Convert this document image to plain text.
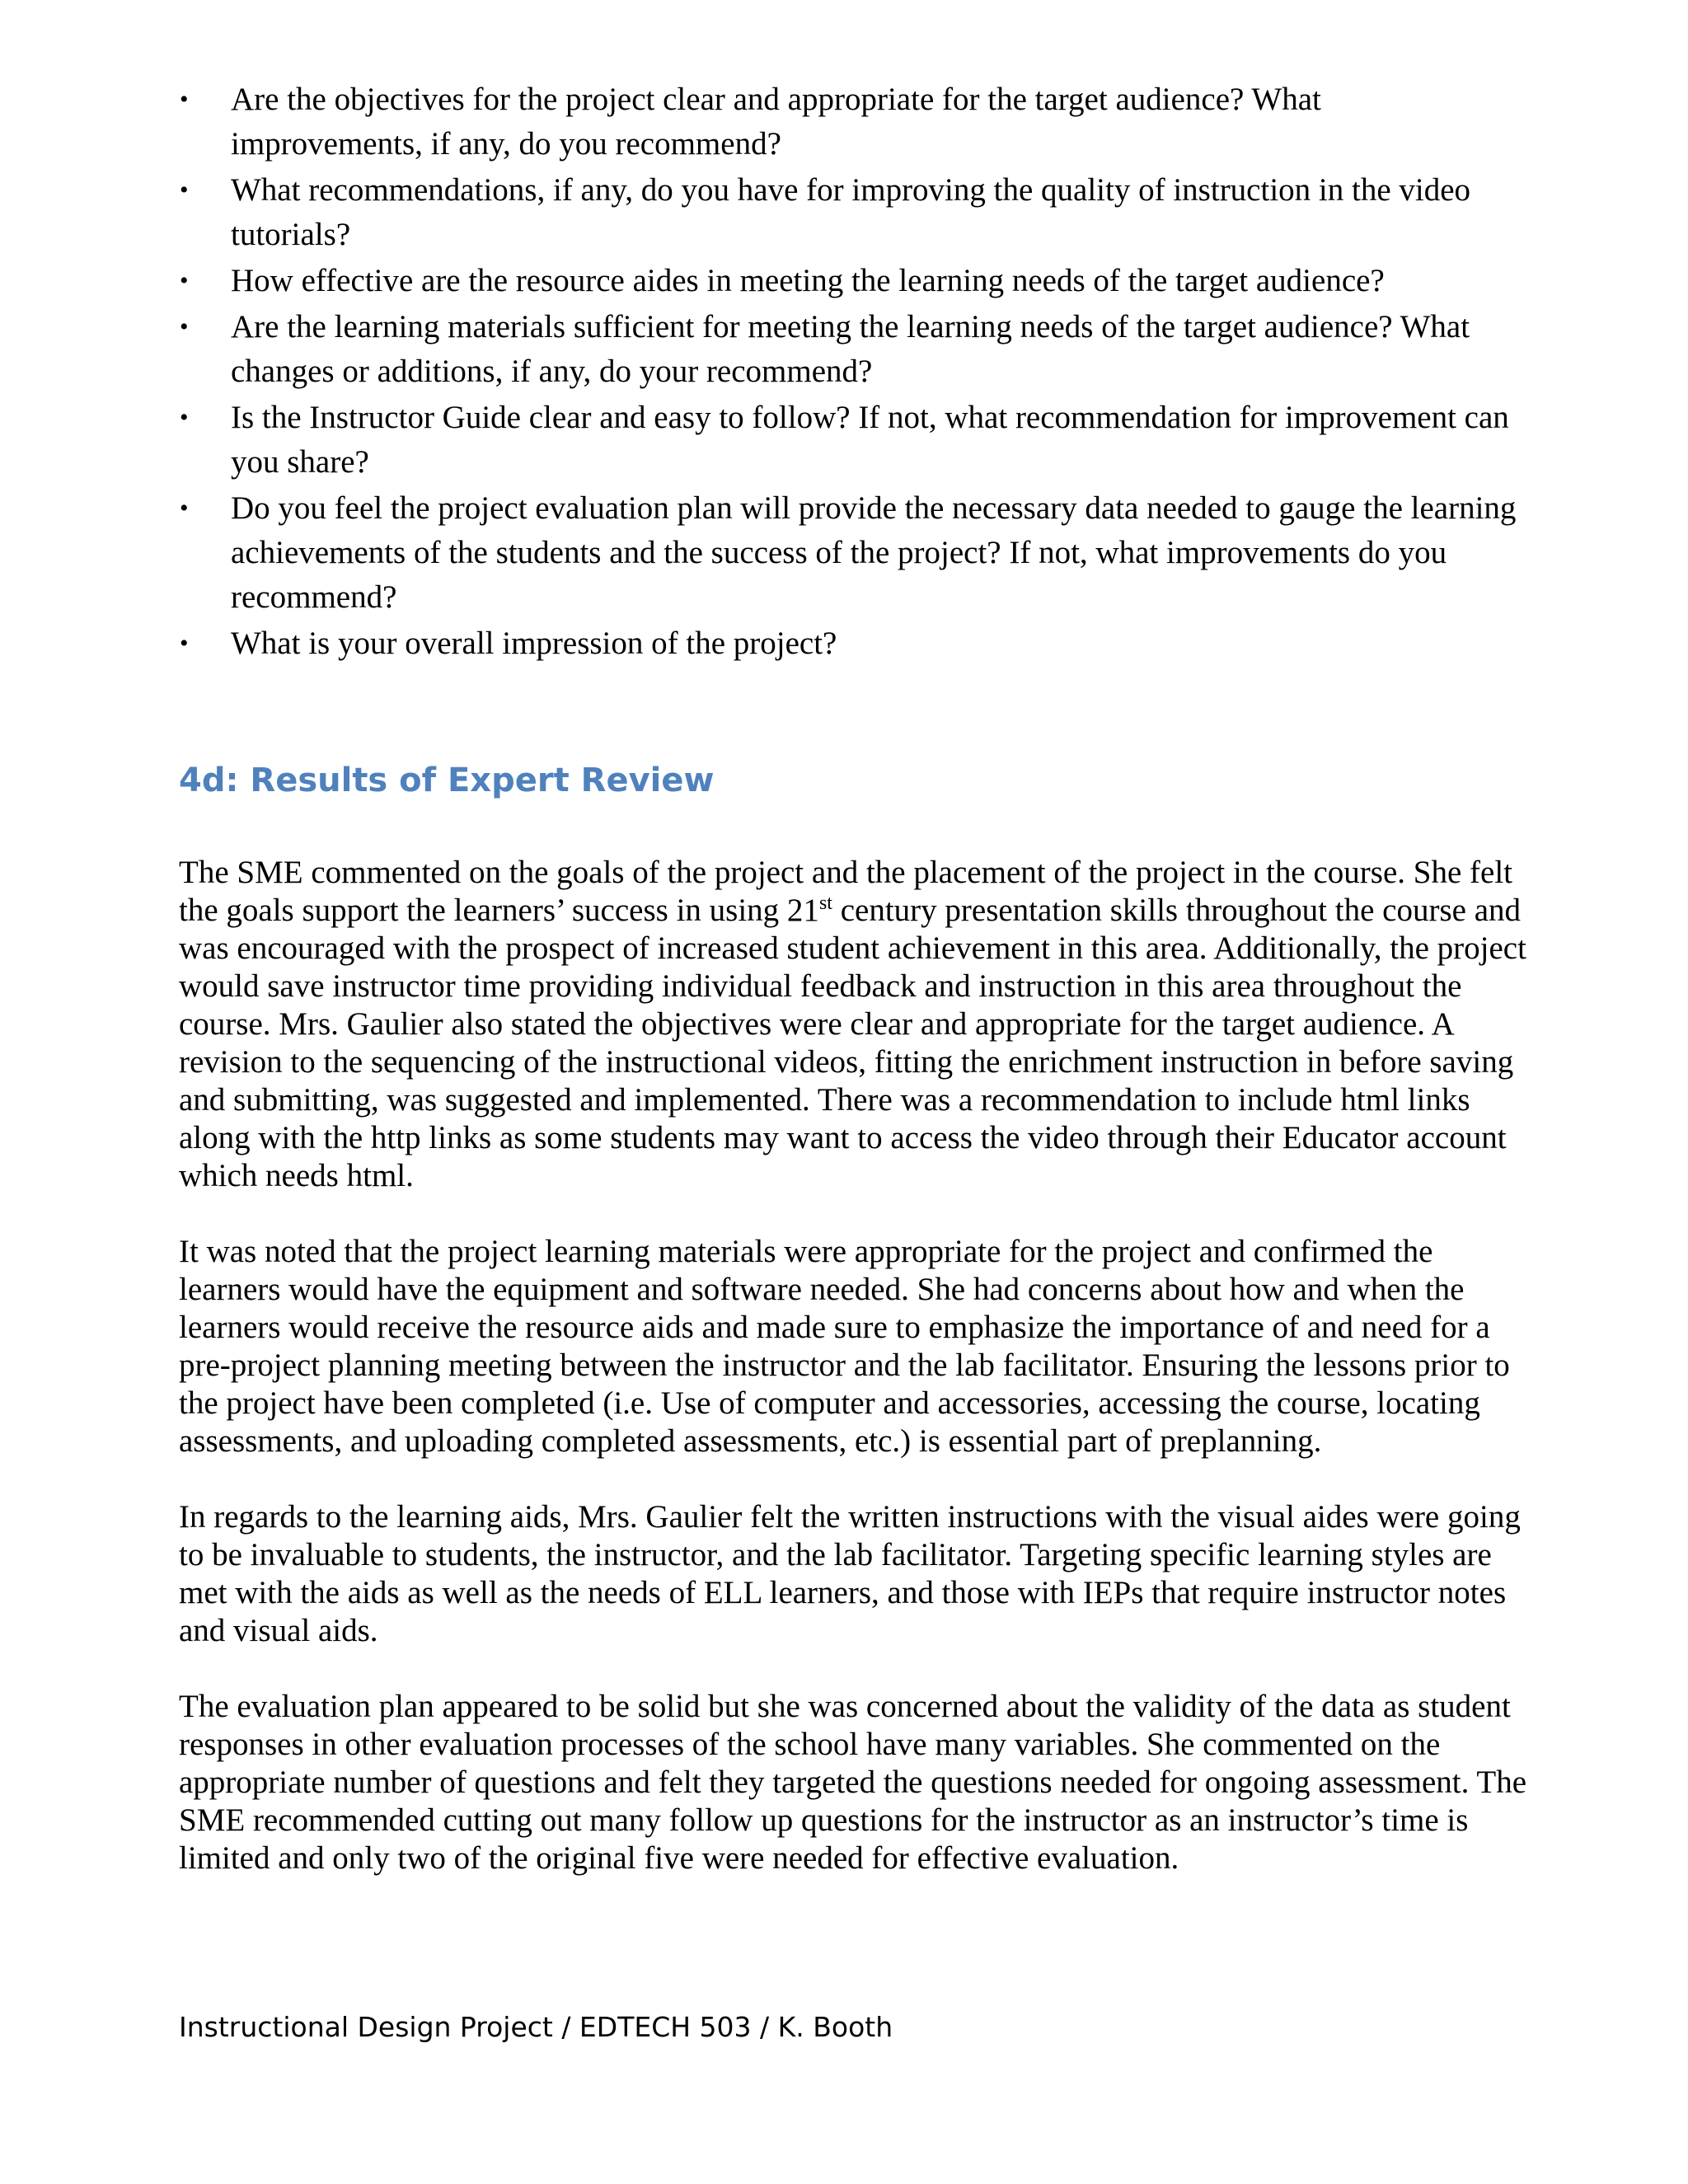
• Are the objectives for the project clear and appropriate for the target audience? What improvements, if any, do you recommend?
• What recommendations, if any, do you have for improving the quality of instruction in the video tutorials?
• How effective are the resource aides in meeting the learning needs of the target audience?
• Are the learning materials sufficient for meeting the learning needs of the target audience? What changes or additions, if any, do your recommend?
• Is the Instructor Guide clear and easy to follow? If not, what recommendation for improvement can you share?
• Do you feel the project evaluation plan will provide the necessary data needed to gauge the learning achievements of the students and the success of the project? If not, what improvements do you recommend?
• What is your overall impression of the project?
4d: Results of Expert Review

The SME commented on the goals of the project and the placement of the project in the course. She felt the goals support the learners’ success in using 21st century presentation skills throughout the course and was encouraged with the prospect of increased student achievement in this area. Additionally, the project would save instructor time providing individual feedback and instruction in this area throughout the course. Mrs. Gaulier also stated the objectives were clear and appropriate for the target audience. A revision to the sequencing of the instructional videos, fitting the enrichment instruction in before saving and submitting, was suggested and implemented. There was a recommendation to include html links along with the http links as some students may want to access the video through their Educator account which needs html.

It was noted that the project learning materials were appropriate for the project and confirmed the learners would have the equipment and software needed. She had concerns about how and when the learners would receive the resource aids and made sure to emphasize the importance of and need for a pre-project planning meeting between the instructor and the lab facilitator. Ensuring the lessons prior to the project have been completed (i.e. Use of computer and accessories, accessing the course, locating assessments, and uploading completed assessments, etc.) is essential part of preplanning.

In regards to the learning aids, Mrs. Gaulier felt the written instructions with the visual aides were going to be invaluable to students, the instructor, and the lab facilitator. Targeting specific learning styles are met with the aids as well as the needs of ELL learners, and those with IEPs that require instructor notes and visual aids.

The evaluation plan appeared to be solid but she was concerned about the validity of the data as student responses in other evaluation processes of the school have many variables. She commented on the appropriate number of questions and felt they targeted the questions needed for ongoing assessment. The SME recommended cutting out many follow up questions for the instructor as an instructor’s time is limited and only two of the original five were needed for effective evaluation.

Instructional Design Project / EDTECH 503 / K. Booth
